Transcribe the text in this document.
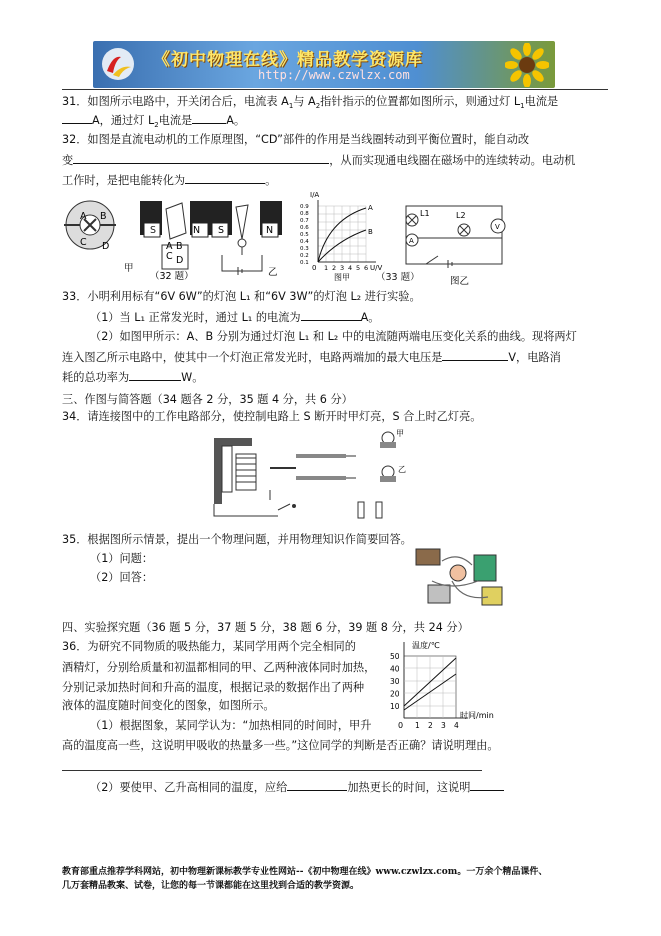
《初中物理在线》精品教学资源库
http://www.czwlzx.com
31．如图所示电路中，开关闭合后，电流表 $A_1$与 $A_2$指针指示的位置都如图所示，则通过灯 $L_1$电流是
A，通过灯 $L_2$电流是	A。
32．如图是直流电动机的工作原理图，“CD”部件的作用是当线圈转动到平衡位置时，能自动改
变	，从而实现通电线圈在磁场中的连续转动。电动机
工作时，是把电能转化为	。
A B
C D
S	N S	N
A B
C D
甲
（32 题）	乙
I/A
0.9
0.8
0.7
0.6
0.5
0.4
0.3
0.2
0.1
1 2 3 4 5 6
A
B
0	U/V
图甲	（33 题）
L1	L2
A
V
图乙
33．小明利用标有“6V 6W”的灯泡 L₁ 和“6V 3W”的灯泡 L₂ 进行实验。
（1）当 L₁ 正常发光时，通过 L₁ 的电流为	A。
（2）如图甲所示：A、B 分别为通过灯泡 L₁ 和 L₂ 中的电流随两端电压变化关系的曲线。现将两灯
连入图乙所示电路中，使其中一个灯泡正常发光时，电路两端加的最大电压是	V，电路消
耗的总功率为	W。
三、作图与简答题（34 题各 2 分，35 题 4 分，共 6 分）
34．请连接图中的工作电路部分，使控制电路上 S 断开时甲灯亮，S 合上时乙灯亮。
甲
乙
35．根据图所示情景，提出一个物理问题，并用物理知识作简要回答。
（1）问题：
（2）回答：
四、实验探究题（36 题 5 分，37 题 5 分，38 题 6 分，39 题 8 分，共 24 分）
36．为研究不同物质的吸热能力，某同学用两个完全相同的
酒精灯，分别给质量和初温都相同的甲、乙两种液体同时加热，
分别记录加热时间和升高的温度，根据记录的数据作出了两种
液体的温度随时间变化的图象，如图所示。
（1）根据图象，某同学认为：“加热相同的时间时，甲升
高的温度高一些，这说明甲吸收的热量多一些。”这位同学的判断是否正确？请说明理由。
（2）要使甲、乙升高相同的温度，应给	加热更长的时间，这说明
温度/℃
50
40
30
20
10
1 2 3 4
0
时间/min
教育部重点推荐学科网站，初中物理新课标教学专业性网站--《初中物理在线》www.czwlzx.com。一万余个精品课件、
几万套精品教案、试卷，让您的每一节课都能在这里找到合适的教学资源。
